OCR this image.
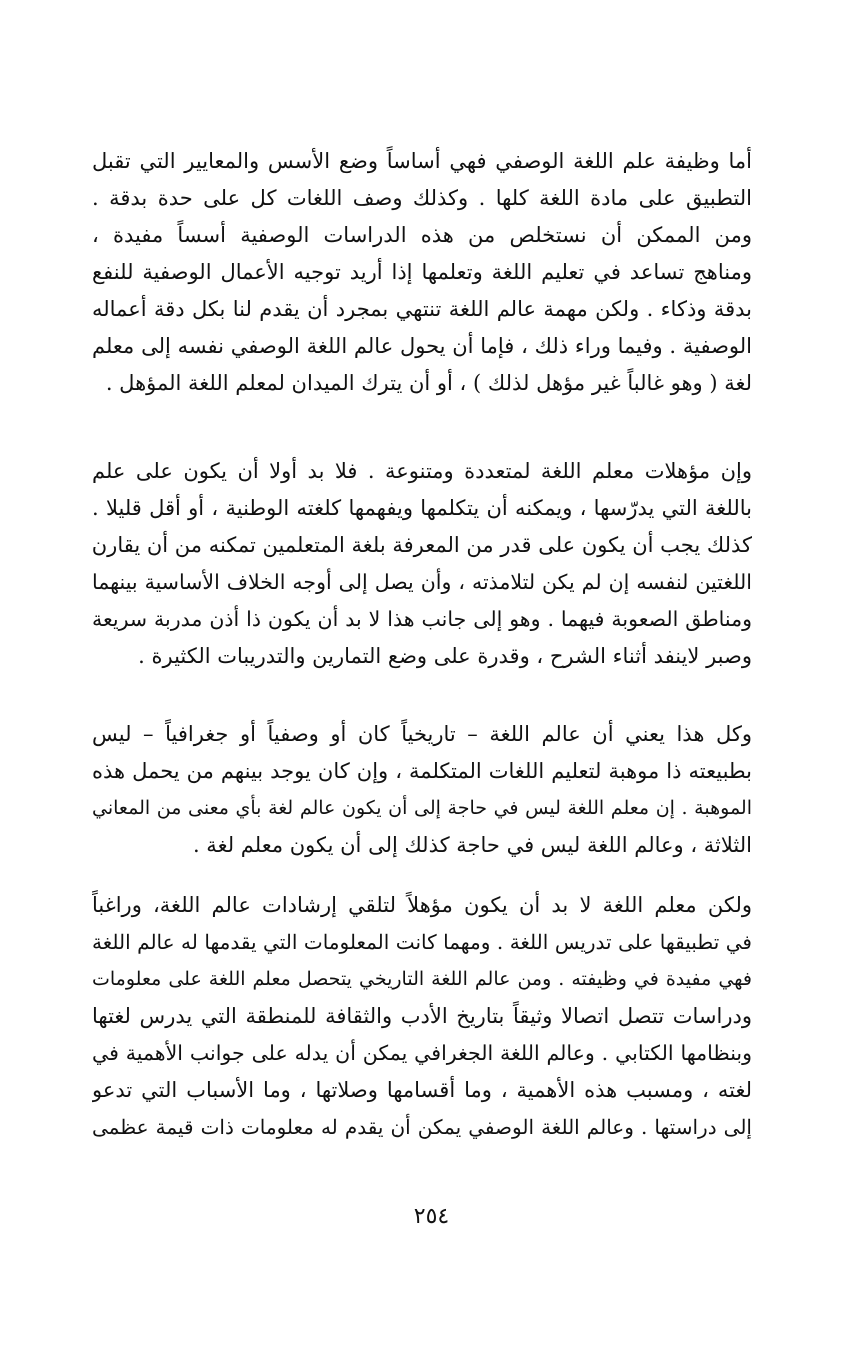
أما وظيفة علم اللغة الوصفي فهي أساساً وضع الأسس والمعايير التي تقبل
التطبيق على مادة اللغة كلها . وكذلك وصف اللغات كل على حدة بدقة .
ومن الممكن أن نستخلص من هذه الدراسات الوصفية أسساً مفيدة ،
ومناهج تساعد في تعليم اللغة وتعلمها إذا أريد توجيه الأعمال الوصفية للنفع
بدقة وذكاء . ولكن مهمة عالم اللغة تنتهي بمجرد أن يقدم لنا بكل دقة أعماله
الوصفية . وفيما وراء ذلك ، فإما أن يحول عالم اللغة الوصفي نفسه إلى معلم
لغة ( وهو غالباً غير مؤهل لذلك ) ، أو أن يترك الميدان لمعلم اللغة المؤهل .
وإن مؤهلات معلم اللغة لمتعددة ومتنوعة . فلا بد أولا أن يكون على علم
باللغة التي يدرّسها ، ويمكنه أن يتكلمها ويفهمها كلغته الوطنية ، أو أقل قليلا .
كذلك يجب أن يكون على قدر من المعرفة بلغة المتعلمين تمكنه من أن يقارن
اللغتين لنفسه إن لم يكن لتلامذته ، وأن يصل إلى أوجه الخلاف الأساسية بينهما
ومناطق الصعوبة فيهما . وهو إلى جانب هذا لا بد أن يكون ذا أذن مدربة سريعة
وصبر لاينفد أثناء الشرح ، وقدرة على وضع التمارين والتدريبات الكثيرة .
وكل هذا يعني أن عالم اللغة – تاريخياً كان أو وصفياً أو جغرافياً – ليس
بطبيعته ذا موهبة لتعليم اللغات المتكلمة ، وإن كان يوجد بينهم من يحمل هذه
الموهبة . إن معلم اللغة ليس في حاجة إلى أن يكون عالم لغة بأي معنى من المعاني
الثلاثة ، وعالم اللغة ليس في حاجة كذلك إلى أن يكون معلم لغة .
ولكن معلم اللغة لا بد أن يكون مؤهلاً لتلقي إرشادات عالم اللغة، وراغباً
في تطبيقها على تدريس اللغة . ومهما كانت المعلومات التي يقدمها له عالم اللغة
فهي مفيدة في وظيفته . ومن عالم اللغة التاريخي يتحصل معلم اللغة على معلومات
ودراسات تتصل اتصالا وثيقاً بتاريخ الأدب والثقافة للمنطقة التي يدرس لغتها
وبنظامها الكتابي . وعالم اللغة الجغرافي يمكن أن يدله على جوانب الأهمية في
لغته ، ومسبب هذه الأهمية ، وما أقسامها وصلاتها ، وما الأسباب التي تدعو
إلى دراستها . وعالم اللغة الوصفي يمكن أن يقدم له معلومات ذات قيمة عظمى
٢٥٤
